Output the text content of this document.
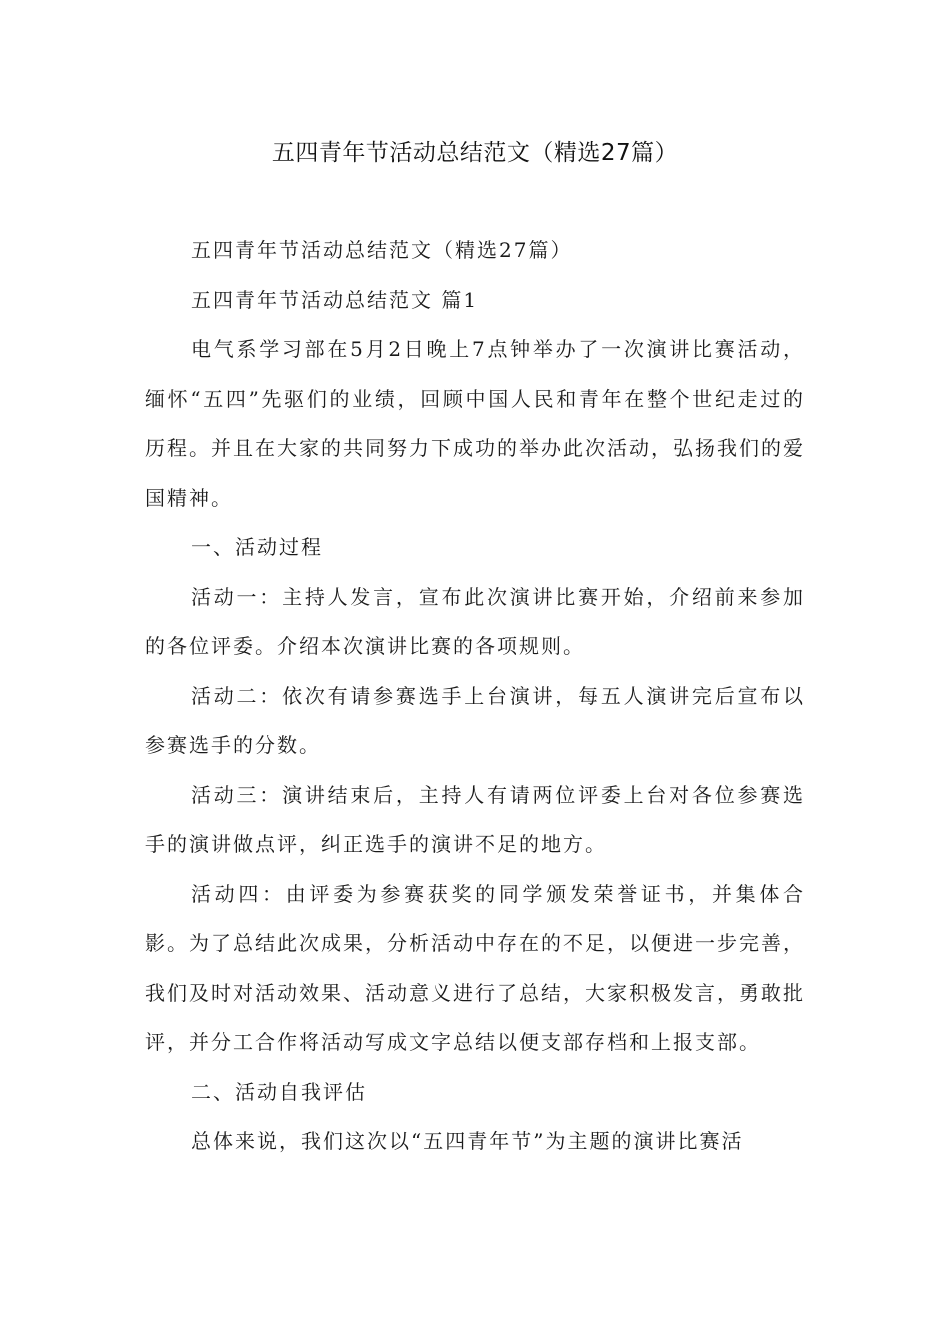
五四青年节活动总结范文（精选27篇）

五四青年节活动总结范文（精选27篇）

五四青年节活动总结范文 篇1

电气系学习部在5月2日晚上7点钟举办了一次演讲比赛活动，缅怀“五四”先驱们的业绩，回顾中国人民和青年在整个世纪走过的历程。并且在大家的共同努力下成功的举办此次活动，弘扬我们的爱国精神。

一、活动过程

活动一：主持人发言，宣布此次演讲比赛开始，介绍前来参加的各位评委。介绍本次演讲比赛的各项规则。

活动二：依次有请参赛选手上台演讲，每五人演讲完后宣布以参赛选手的分数。

活动三：演讲结束后，主持人有请两位评委上台对各位参赛选手的演讲做点评，纠正选手的演讲不足的地方。

活动四：由评委为参赛获奖的同学颁发荣誉证书，并集体合影。为了总结此次成果，分析活动中存在的不足，以便进一步完善，我们及时对活动效果、活动意义进行了总结，大家积极发言，勇敢批评，并分工合作将活动写成文字总结以便支部存档和上报支部。

二、活动自我评估

总体来说，我们这次以“五四青年节”为主题的演讲比赛活
